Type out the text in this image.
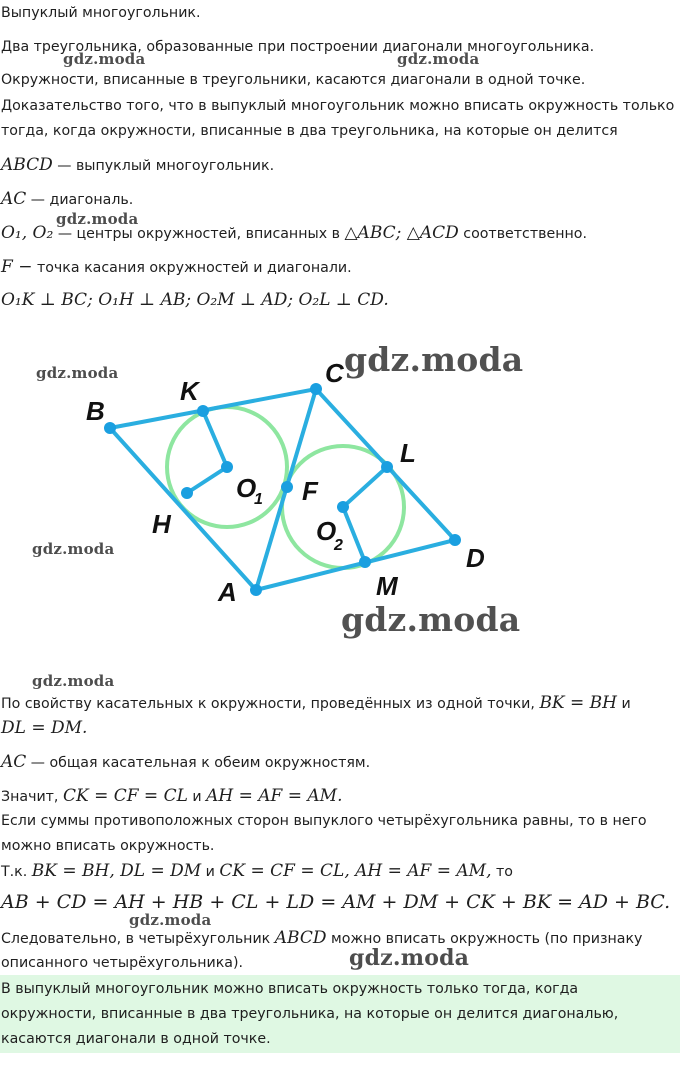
Выпуклый многоугольник.
Два треугольника, образованные при построении диагонали многоугольника.
Окружности, вписанные в треугольники, касаются диагонали в одной точке.
Доказательство того, что в выпуклый многоугольник можно вписать окружность только
тогда, когда окружности, вписанные в два треугольника, на которые он делится
ABCD — выпуклый многоугольник.
AC — диагональ.
O₁, O₂ — центры окружностей, вписанных в △ABC; △ACD соответственно.
F − точка касания окружностей и диагонали.
O₁K ⊥ BC; O₁H ⊥ AB; O₂M ⊥ AD; O₂L ⊥ CD.
B
K
C
L
D
M
A
H
F
O
1
O
2
По свойству касательных к окружности, проведённых из одной точки, BK = BH и
DL = DM.
AC — общая касательная к обеим окружностям.
Значит, CK = CF = CL и AH = AF = AM.
Если суммы противоположных сторон выпуклого четырёхугольника равны, то в него
можно вписать окружность.
Т.к. BK = BH, DL = DM и CK = CF = CL, AH = AF = AM, то
AB + CD = AH + HB + CL + LD = AM + DM + CK + BK = AD + BC.
Следовательно, в четырёхугольник ABCD можно вписать окружность (по признаку
описанного четырёхугольника).
В выпуклый многоугольник можно вписать окружность только тогда, когда окружности, вписанные в два треугольника, на которые он делится диагональю, касаются диагонали в одной точке.
gdz.moda	gdz.moda
gdz.moda
gdz.moda	gdz.moda
gdz.moda
gdz.moda
gdz.moda
gdz.moda
gdz.moda
